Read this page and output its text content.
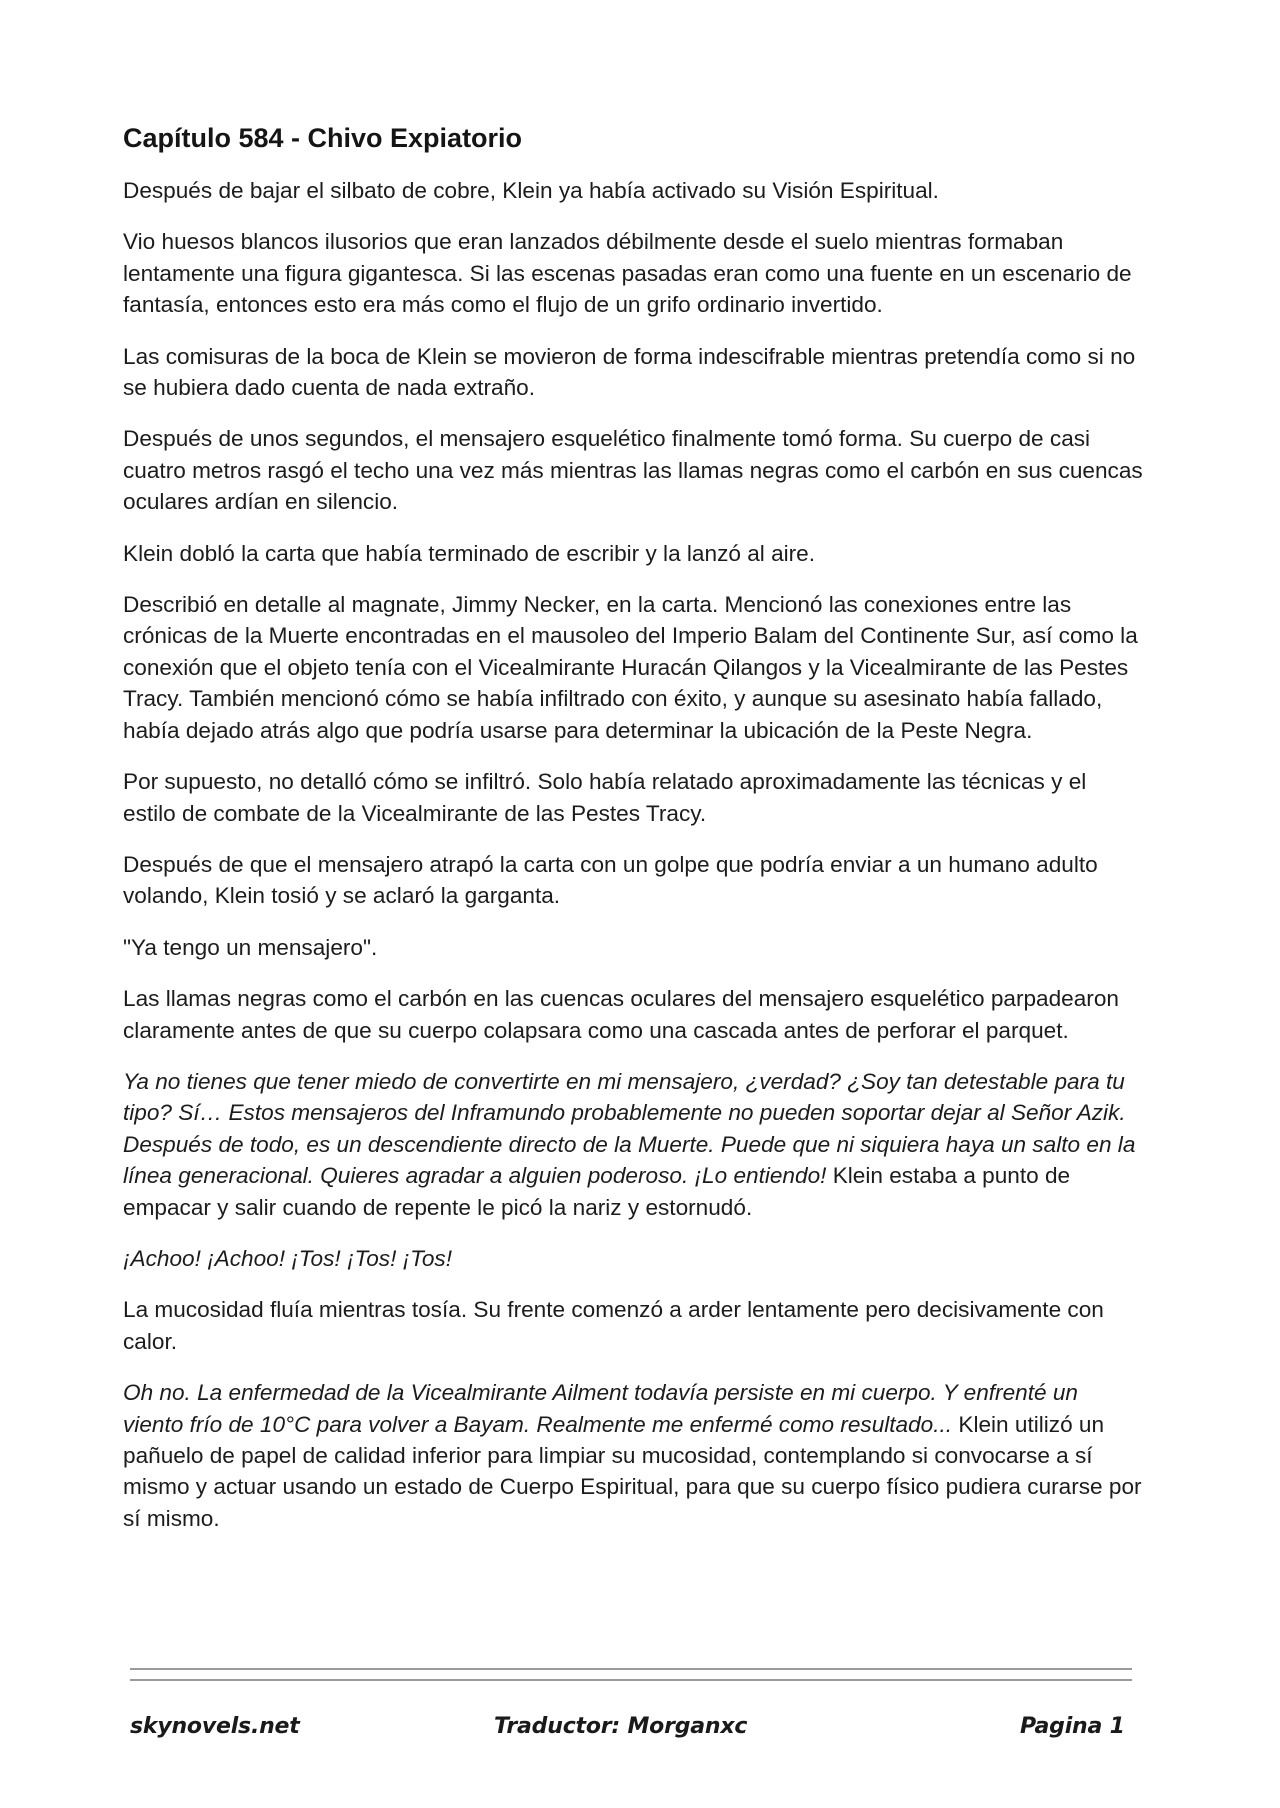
Capítulo 584 - Chivo Expiatorio

Después de bajar el silbato de cobre, Klein ya había activado su Visión Espiritual.

Vio huesos blancos ilusorios que eran lanzados débilmente desde el suelo mientras formaban lentamente una figura gigantesca. Si las escenas pasadas eran como una fuente en un escenario de fantasía, entonces esto era más como el flujo de un grifo ordinario invertido.

Las comisuras de la boca de Klein se movieron de forma indescifrable mientras pretendía como si no se hubiera dado cuenta de nada extraño.

Después de unos segundos, el mensajero esquelético finalmente tomó forma. Su cuerpo de casi cuatro metros rasgó el techo una vez más mientras las llamas negras como el carbón en sus cuencas oculares ardían en silencio.

Klein dobló la carta que había terminado de escribir y la lanzó al aire.

Describió en detalle al magnate, Jimmy Necker, en la carta. Mencionó las conexiones entre las crónicas de la Muerte encontradas en el mausoleo del Imperio Balam del Continente Sur, así como la conexión que el objeto tenía con el Vicealmirante Huracán Qilangos y la Vicealmirante de las Pestes Tracy. También mencionó cómo se había infiltrado con éxito, y aunque su asesinato había fallado, había dejado atrás algo que podría usarse para determinar la ubicación de la Peste Negra.

Por supuesto, no detalló cómo se infiltró. Solo había relatado aproximadamente las técnicas y el estilo de combate de la Vicealmirante de las Pestes Tracy.

Después de que el mensajero atrapó la carta con un golpe que podría enviar a un humano adulto volando, Klein tosió y se aclaró la garganta.

"Ya tengo un mensajero".

Las llamas negras como el carbón en las cuencas oculares del mensajero esquelético parpadearon claramente antes de que su cuerpo colapsara como una cascada antes de perforar el parquet.

Ya no tienes que tener miedo de convertirte en mi mensajero, ¿verdad? ¿Soy tan detestable para tu tipo? Sí… Estos mensajeros del Inframundo probablemente no pueden soportar dejar al Señor Azik. Después de todo, es un descendiente directo de la Muerte. Puede que ni siquiera haya un salto en la línea generacional. Quieres agradar a alguien poderoso. ¡Lo entiendo! Klein estaba a punto de empacar y salir cuando de repente le picó la nariz y estornudó.

¡Achoo! ¡Achoo! ¡Tos! ¡Tos! ¡Tos!

La mucosidad fluía mientras tosía. Su frente comenzó a arder lentamente pero decisivamente con calor.

Oh no. La enfermedad de la Vicealmirante Ailment todavía persiste en mi cuerpo. Y enfrenté un viento frío de 10°C para volver a Bayam. Realmente me enfermé como resultado... Klein utilizó un pañuelo de papel de calidad inferior para limpiar su mucosidad, contemplando si convocarse a sí mismo y actuar usando un estado de Cuerpo Espiritual, para que su cuerpo físico pudiera curarse por sí mismo.

skynovels.net	Traductor: Morganxc	Pagina 1
